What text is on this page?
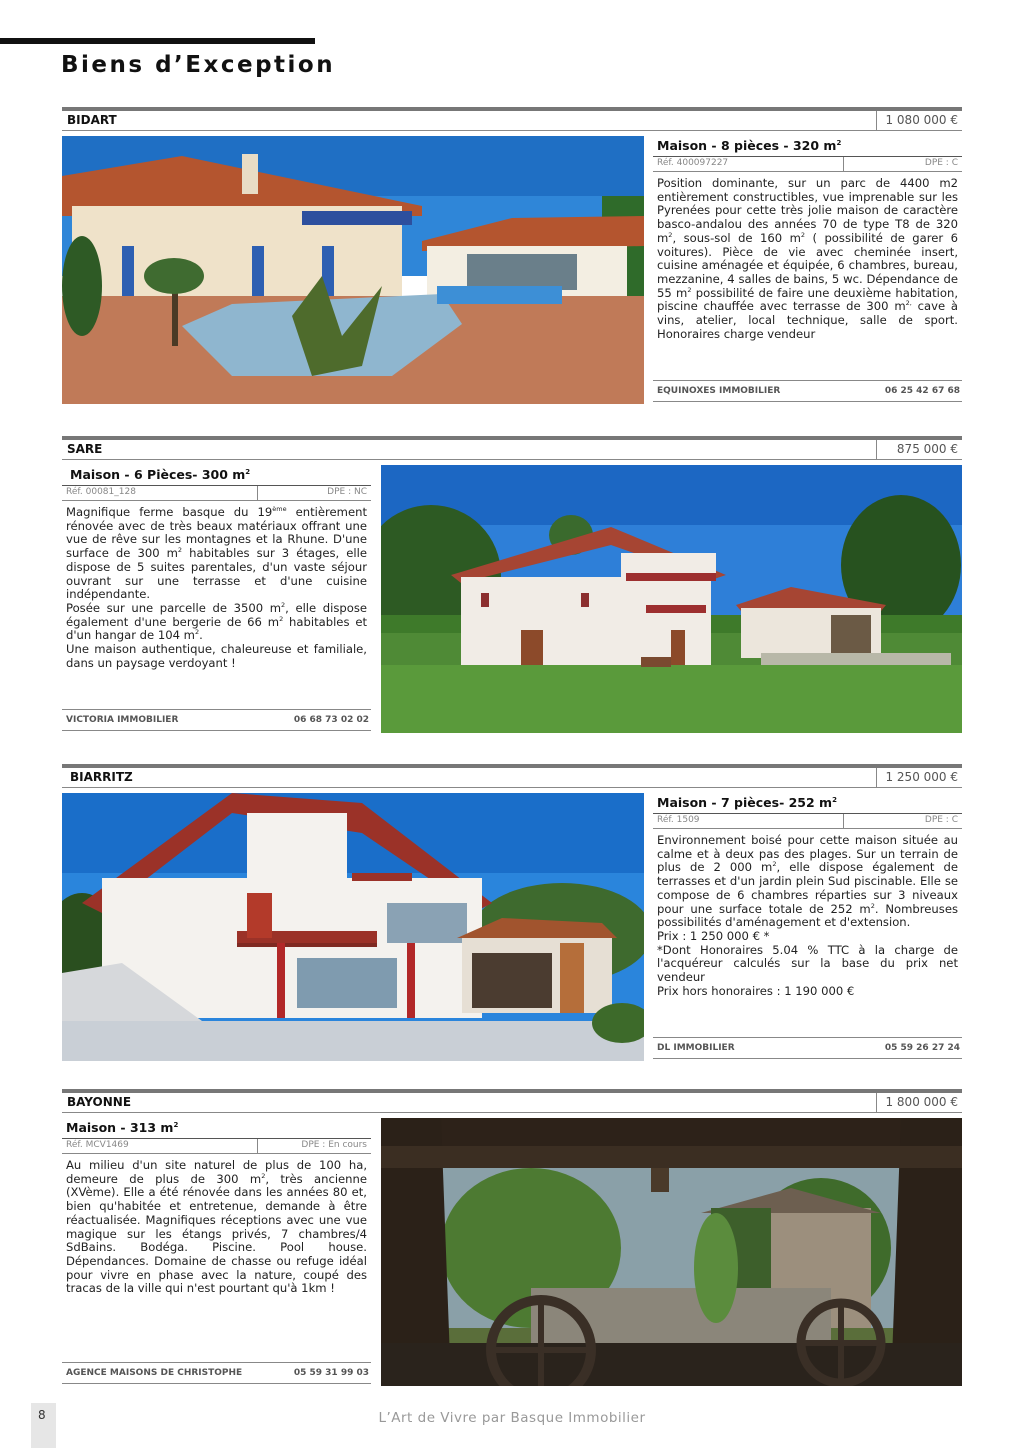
Biens d’Exception
BIDART	1 080 000 €
Maison - 8 pièces - 320 $m^2$
Réf. 400097227	DPE : C
Position dominante, sur un parc de 4400 m2 entièrement constructibles, vue imprenable sur les Pyrenées pour cette très jolie maison de caractère basco-andalou des années 70 de type T8 de 320 $m^2$, sous-sol de 160 $m^2$ ( possibilité de garer 6 voitures). Pièce de vie avec cheminée insert, cuisine aménagée et équipée, 6 chambres, bureau, mezzanine, 4 salles de bains, 5 wc. Dépendance de 55 $m^2$ possibilité de faire une deuxième habitation, piscine chauffée avec terrasse de 300 $m^{2,}$ cave à vins, atelier, local technique, salle de sport. Honoraires charge vendeur
EQUINOXES IMMOBILIER	06 25 42 67 68
SARE	875 000 €
Maison - 6 Pièces- 300 $m^2$
Réf. 00081_128	DPE : NC
Magnifique ferme basque du 19ème entièrement rénovée avec de très beaux matériaux offrant une vue de rêve sur les montagnes et la Rhune. D'une surface de 300 $m^2$ habitables sur 3 étages, elle dispose de 5 suites parentales, d'un vaste séjour ouvrant sur une terrasse et d'une cuisine indépendante.
Posée sur une parcelle de 3500 $m^2$, elle dispose également d'une bergerie de 66 $m^2$ habitables et d'un hangar de 104 $m^2$.
Une maison authentique, chaleureuse et familiale, dans un paysage verdoyant !
VICTORIA IMMOBILIER	06 68 73 02 02
BIARRITZ	1 250 000 €
Maison - 7 pièces- 252 $m^2$
Réf. 1509	DPE : C
Environnement boisé pour cette maison située au calme et à deux pas des plages. Sur un terrain de plus de 2 000 $m^2$, elle dispose également de terrasses et d'un jardin plein Sud piscinable. Elle se compose de 6 chambres réparties sur 3 niveaux pour une surface totale de 252 $m^2$. Nombreuses possibilités d'aménagement et d'extension.
Prix : 1 250 000 € *
*Dont Honoraires 5.04 % TTC à la charge de l'acquéreur calculés sur la base du prix net vendeur
Prix hors honoraires : 1 190 000 €
DL IMMOBILIER	05 59 26 27 24
BAYONNE	1 800 000 €
Maison - 313 $m^2$
Réf. MCV1469	DPE : En cours
Au milieu d'un site naturel de plus de 100 ha, demeure de plus de 300 $m^2$, très ancienne (XVème). Elle a été rénovée dans les années 80 et, bien qu'habitée et entretenue, demande à être réactualisée. Magnifiques réceptions avec une vue magique sur les étangs privés, 7 chambres/4 SdBains. Bodéga. Piscine. Pool house. Dépendances. Domaine de chasse ou refuge idéal pour vivre en phase avec la nature, coupé des tracas de la ville qui n'est pourtant qu'à 1km !
AGENCE MAISONS DE CHRISTOPHE	05 59 31 99 03
8	L’Art de Vivre par Basque Immobilier
